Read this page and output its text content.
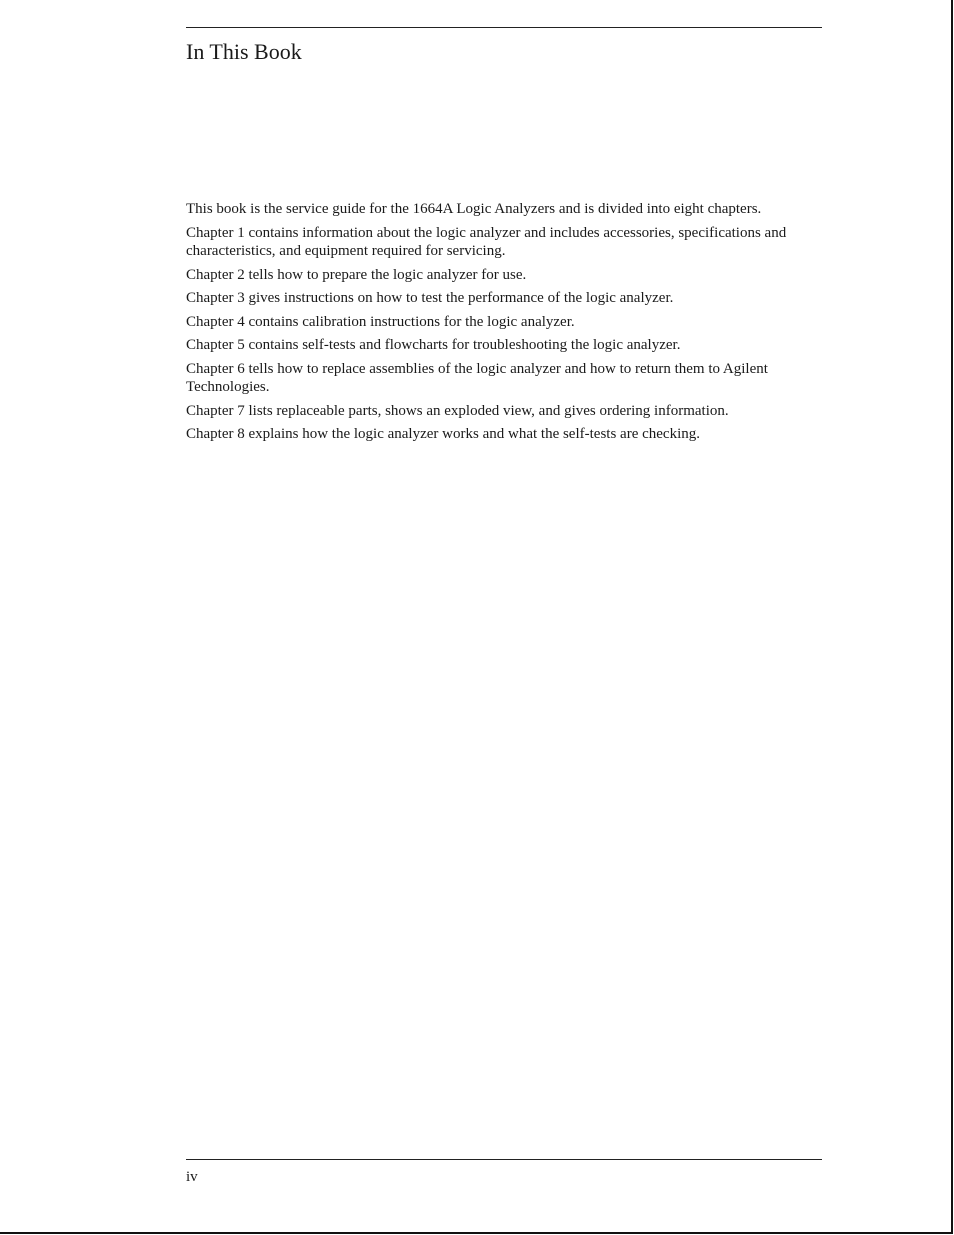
In This Book

This book is the service guide for the 1664A Logic Analyzers and is divided into eight chapters.

Chapter 1 contains information about the logic analyzer and includes accessories, specifications and characteristics, and equipment required for servicing.

Chapter 2 tells how to prepare the logic analyzer for use.

Chapter 3 gives instructions on how to test the performance of the logic analyzer.

Chapter 4 contains calibration instructions for the logic analyzer.

Chapter 5 contains self-tests and flowcharts for troubleshooting the logic analyzer.

Chapter 6 tells how to replace assemblies of the logic analyzer and how to return them to Agilent Technologies.

Chapter 7 lists replaceable parts, shows an exploded view, and gives ordering information.

Chapter 8 explains how the logic analyzer works and what the self-tests are checking.

iv
